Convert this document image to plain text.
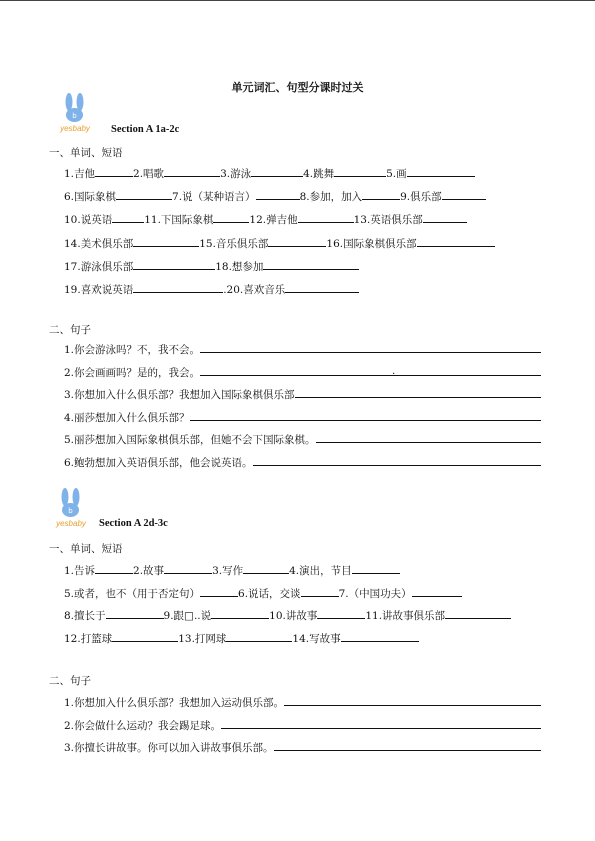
单元词汇、句型分课时过关
b
yesbaby Section A 1a-2c
一、单词、短语
1.吉他	2.唱歌	3.游泳	4.跳舞	5.画
6.国际象棋	7.说（某种语言）	8.参加，加入	9.俱乐部
10.说英语	11.下国际象棋	12.弹吉他	13.英语俱乐部
14.美术俱乐部	15.音乐俱乐部	16.国际象棋俱乐部
17.游泳俱乐部	18.想参加
19.喜欢说英语	.20.喜欢音乐
二、句子
1.你会游泳吗？不，我不会。
2.你会画画吗？是的，我会。	.
3.你想加入什么俱乐部？我想加入国际象棋俱乐部
4.丽莎想加入什么俱乐部？
5.丽莎想加入国际象棋俱乐部，但她不会下国际象棋。
6.鲍勃想加入英语俱乐部，他会说英语。
b
yesbaby Section A 2d-3c
一、单词、短语
1.告诉	2.故事	3.写作	4.演出，节目
5.或者，也不（用于否定句）	6.说话，交谈	7.（中国功夫）
8.擅长于	9.跟□..说	10.讲故事	11.讲故事俱乐部
12.打篮球	13.打网球	14.写故事
二、句子
1.你想加入什么俱乐部？我想加入运动俱乐部。
2.你会做什么运动？我会踢足球。
3.你擅长讲故事。你可以加入讲故事俱乐部。
